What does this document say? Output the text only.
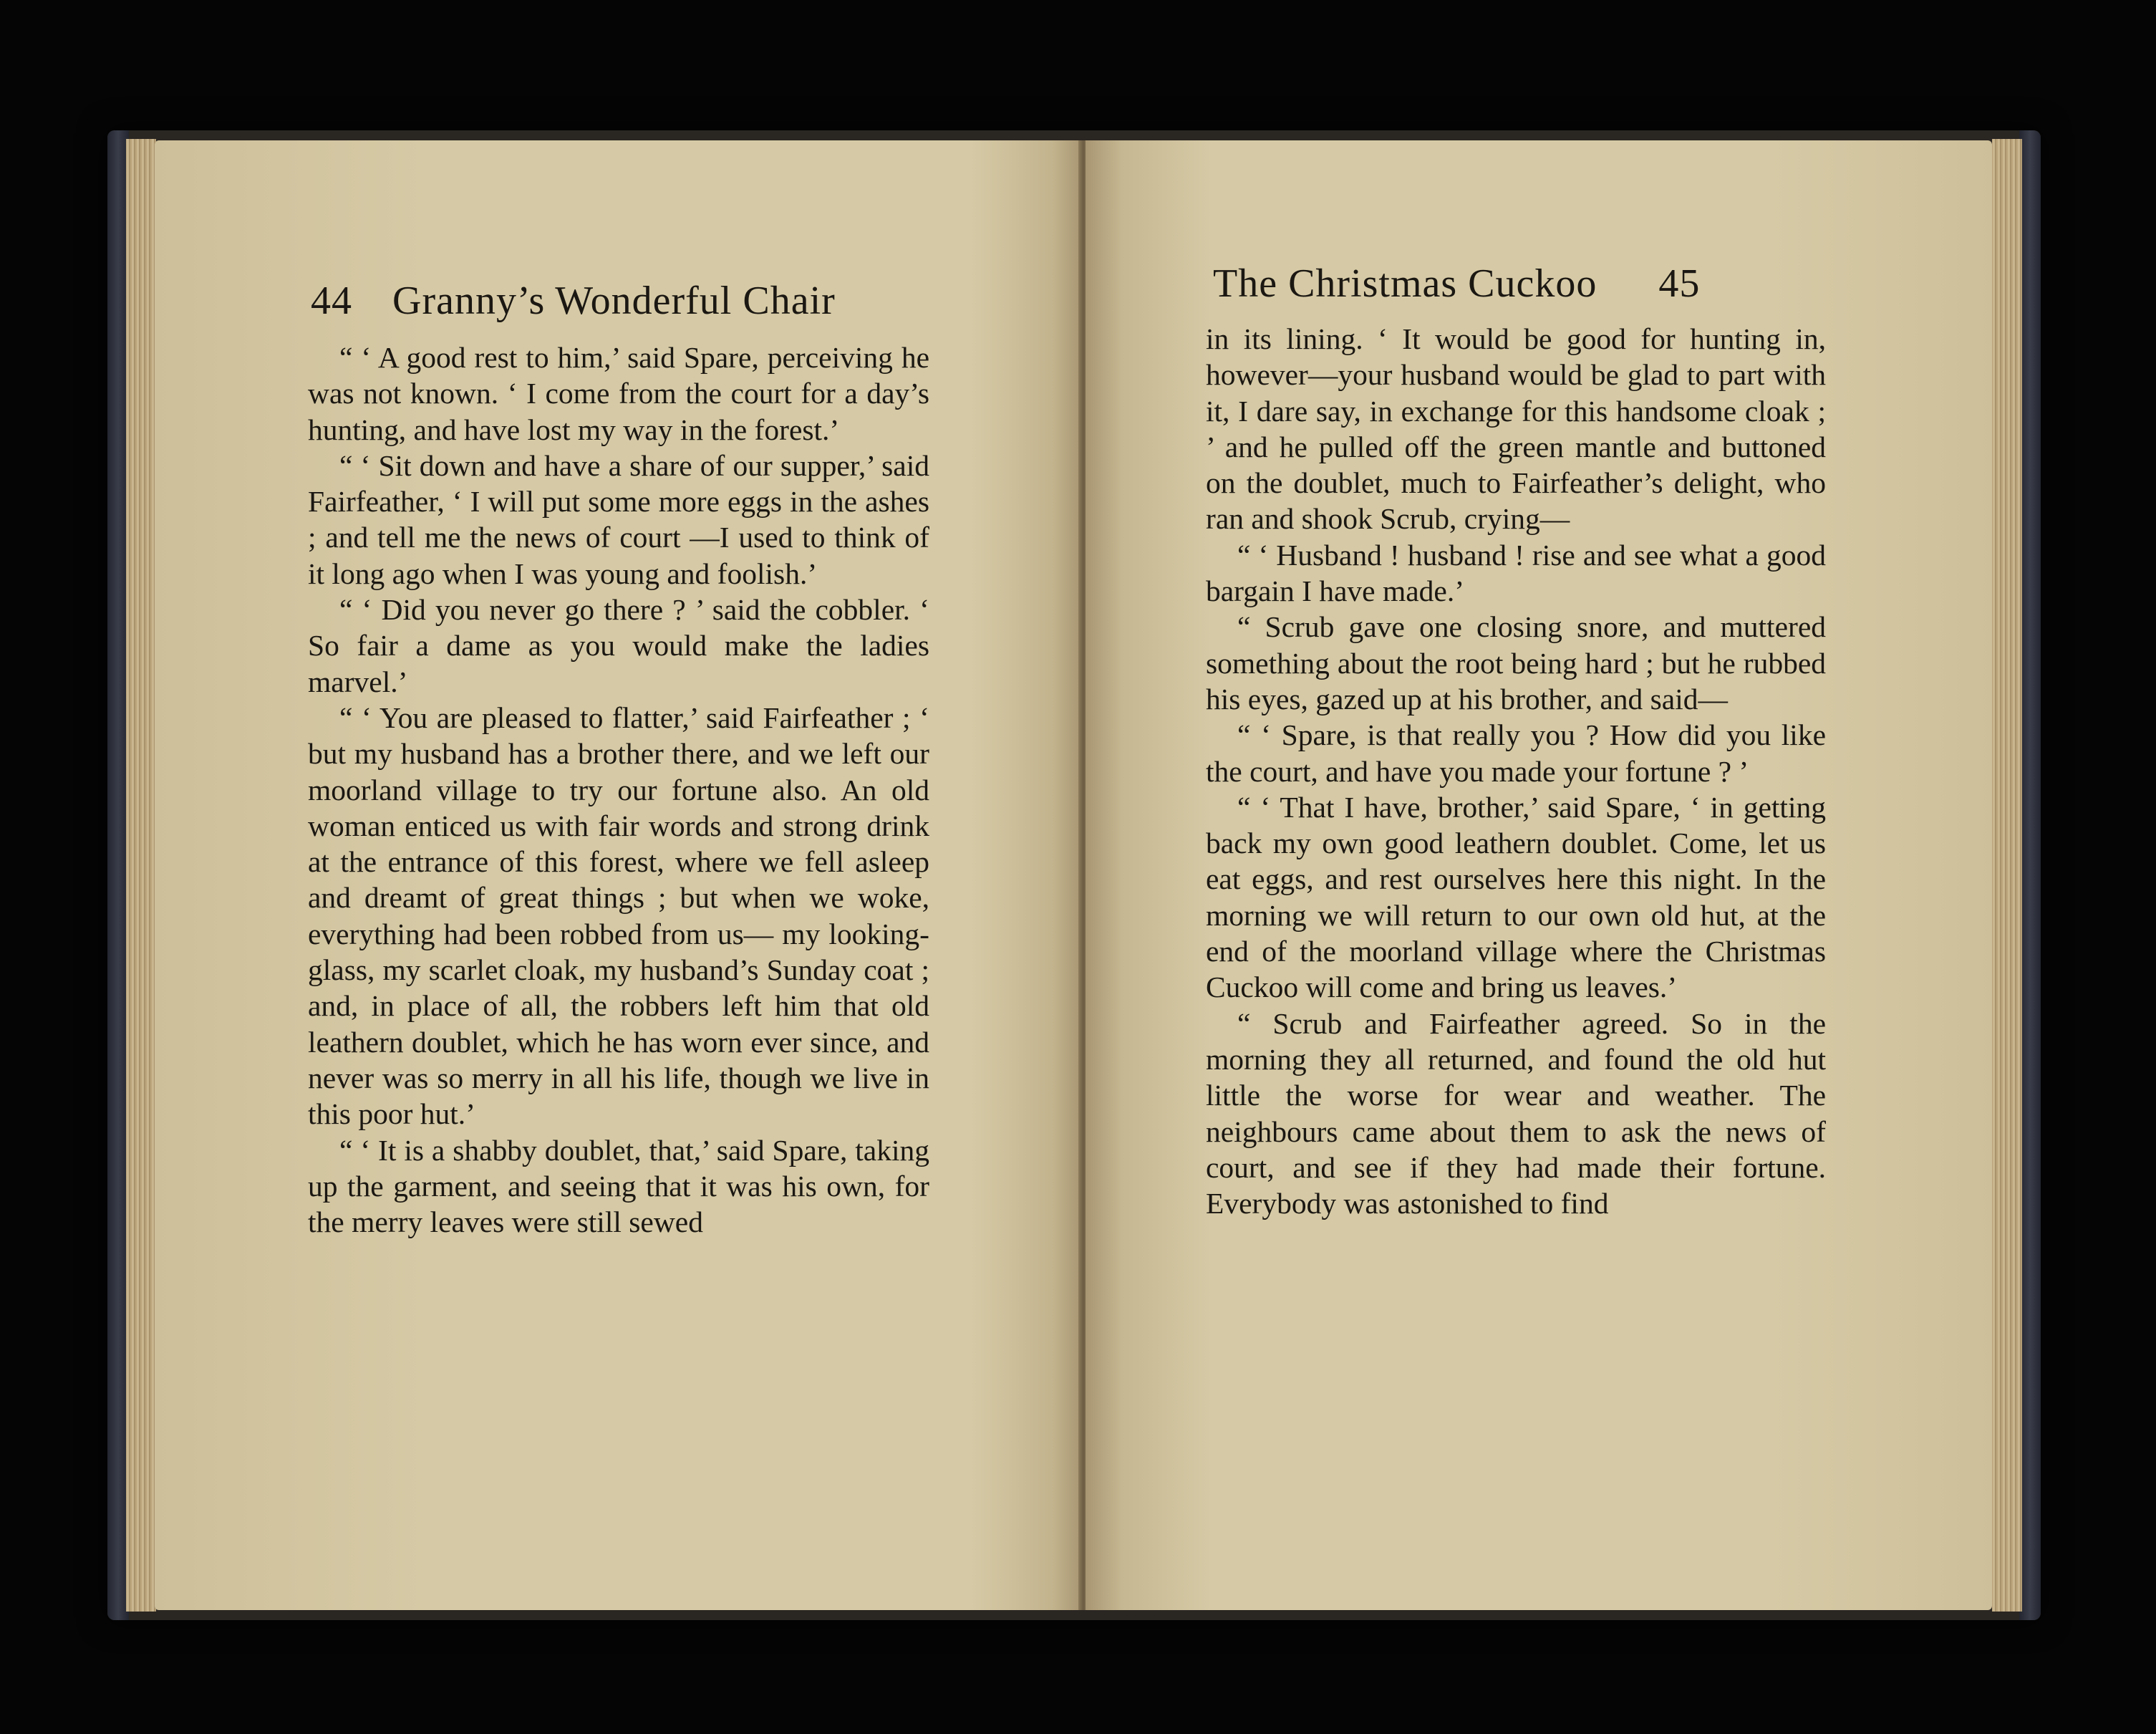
44 Granny’s Wonderful Chair

“ ‘ A good rest to him,’ said Spare, perceiving he was not known. ‘ I come from the court for a day’s hunting, and have lost my way in the forest.’

“ ‘ Sit down and have a share of our supper,’ said Fairfeather, ‘ I will put some more eggs in the ashes ; and tell me the news of court —I used to think of it long ago when I was young and foolish.’

“ ‘ Did you never go there ? ’ said the cobbler. ‘ So fair a dame as you would make the ladies marvel.’

“ ‘ You are pleased to flatter,’ said Fairfeather ; ‘ but my husband has a brother there, and we left our moorland village to try our fortune also. An old woman enticed us with fair words and strong drink at the entrance of this forest, where we fell asleep and dreamt of great things ; but when we woke, everything had been robbed from us— my looking-glass, my scarlet cloak, my husband’s Sunday coat ; and, in place of all, the robbers left him that old leathern doublet, which he has worn ever since, and never was so merry in all his life, though we live in this poor hut.’

“ ‘ It is a shabby doublet, that,’ said Spare, taking up the garment, and seeing that it was his own, for the merry leaves were still sewed

The Christmas Cuckoo 45

in its lining. ‘ It would be good for hunting in, however—your husband would be glad to part with it, I dare say, in exchange for this handsome cloak ; ’ and he pulled off the green mantle and buttoned on the doublet, much to Fairfeather’s delight, who ran and shook Scrub, crying—

“ ‘ Husband ! husband ! rise and see what a good bargain I have made.’

“ Scrub gave one closing snore, and muttered something about the root being hard ; but he rubbed his eyes, gazed up at his brother, and said—

“ ‘ Spare, is that really you ? How did you like the court, and have you made your fortune ? ’

“ ‘ That I have, brother,’ said Spare, ‘ in getting back my own good leathern doublet. Come, let us eat eggs, and rest ourselves here this night. In the morning we will return to our own old hut, at the end of the moorland village where the Christmas Cuckoo will come and bring us leaves.’

“ Scrub and Fairfeather agreed. So in the morning they all returned, and found the old hut little the worse for wear and weather. The neighbours came about them to ask the news of court, and see if they had made their fortune. Everybody was astonished to find
